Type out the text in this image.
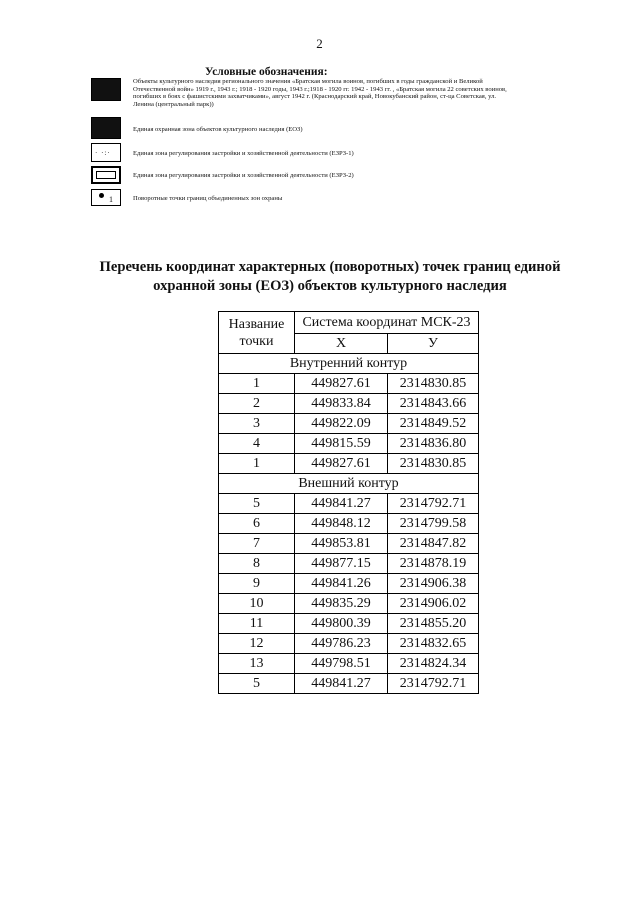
2
Условные обозначения:
Объекты культурного наследия регионального значения «Братская могила воинов, погибших в годы гражданской и Великой Отечественной войн» 1919 г., 1943 г.; 1918 - 1920 годы, 1943 г.;1918 - 1920 гг. 1942 - 1943 гг. , «Братская могила 22 советских воинов, погибших в боях с фашистскими захватчиками», август 1942 г. (Краснодарский край, Новокубанский район, ст-ца Советская, ул. Ленина (центральный парк))
Единая охранная зона объектов культурного наследия (ЕОЗ)
· ·:·	Единая зона регулирования застройки и хозяйственной деятельности (ЕЗРЗ-1)
Единая зона регулирования застройки и хозяйственной деятельности (ЕЗРЗ-2)
1	Поворотные точки границ объединенных зон охраны
Перечень координат характерных (поворотных) точек границ единой
охранной зоны (ЕОЗ) объектов культурного наследия
Название точки	Система координат МСК-23	
	X	У
Внутренний контур		
1	449827.61	2314830.85
2	449833.84	2314843.66
3	449822.09	2314849.52
4	449815.59	2314836.80
1	449827.61	2314830.85
Внешний контур		
5	449841.27	2314792.71
6	449848.12	2314799.58
7	449853.81	2314847.82
8	449877.15	2314878.19
9	449841.26	2314906.38
10	449835.29	2314906.02
11	449800.39	2314855.20
12	449786.23	2314832.65
13	449798.51	2314824.34
5	449841.27	2314792.71
